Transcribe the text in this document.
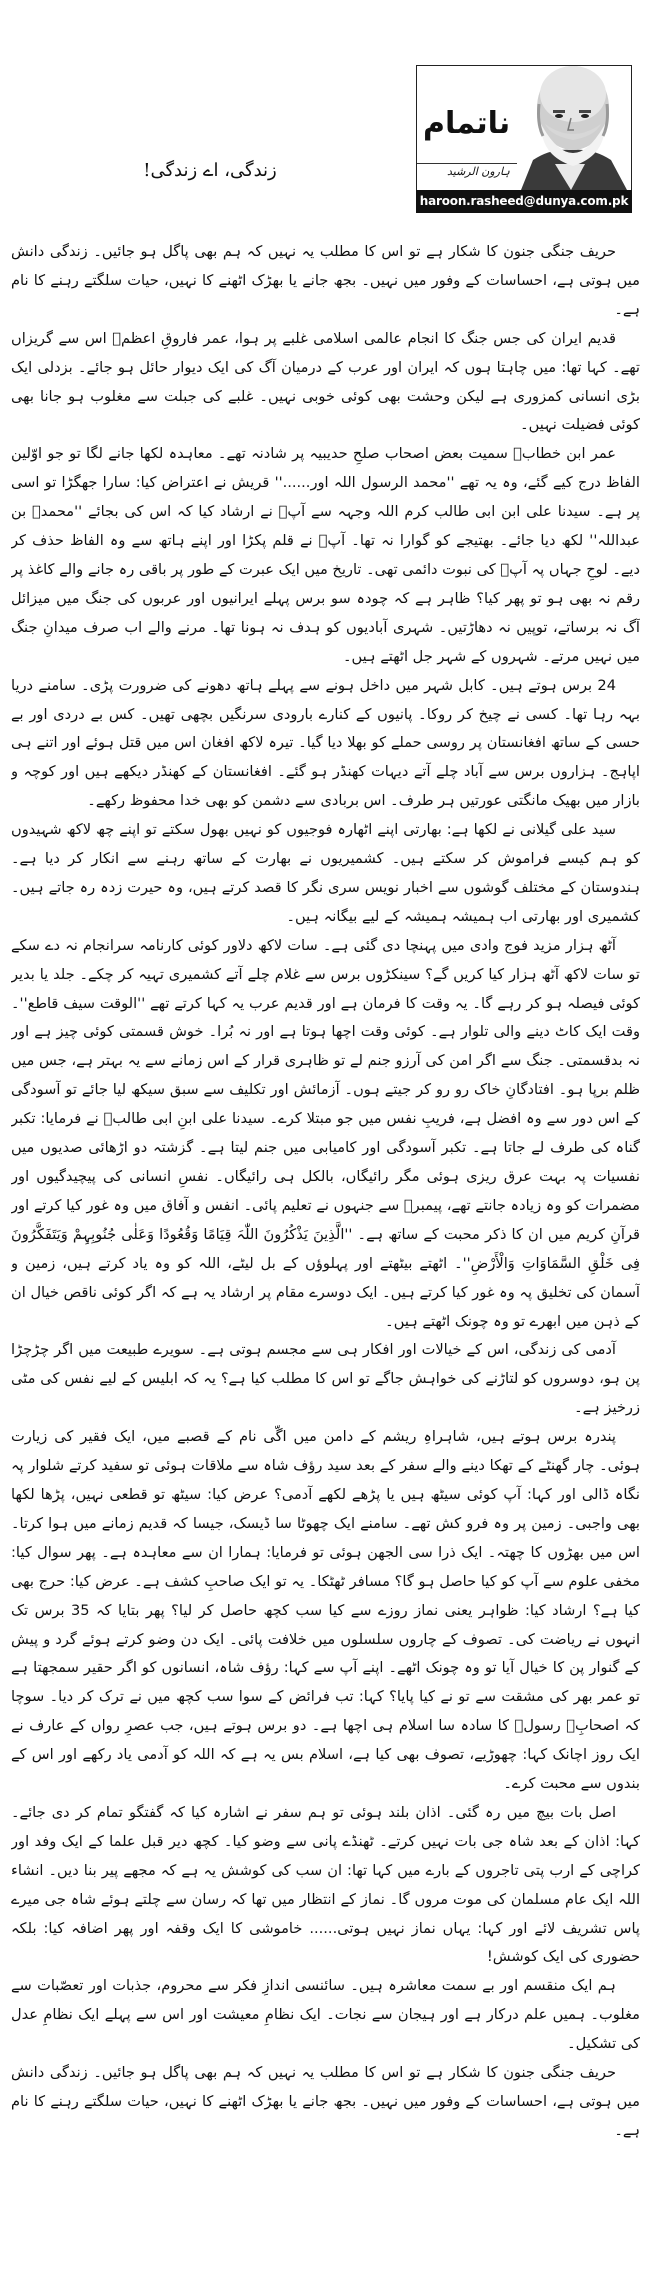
ناتمام
ہارون الرشید
haroon.rasheed@dunya.com.pk
زندگی، اے زندگی!

حریف جنگی جنون کا شکار ہے تو اس کا مطلب یہ نہیں کہ ہم بھی پاگل ہو جائیں۔ زندگی دانش میں ہوتی ہے، احساسات کے وفور میں نہیں۔ بجھ جانے یا بھڑک اٹھنے کا نہیں، حیات سلگتے رہنے کا نام ہے۔

قدیم ایران کی جس جنگ کا انجام عالمی اسلامی غلبے پر ہوا، عمر فاروقِ اعظمؓ اس سے گریزاں تھے۔ کہا تھا: میں چاہتا ہوں کہ ایران اور عرب کے درمیان آگ کی ایک دیوار حائل ہو جائے۔ بزدلی ایک بڑی انسانی کمزوری ہے لیکن وحشت بھی کوئی خوبی نہیں۔ غلبے کی جبلت سے مغلوب ہو جانا بھی کوئی فضیلت نہیں۔

عمر ابن خطابؓ سمیت بعض اصحاب صلحِ حدیبیہ پر شادنہ تھے۔ معاہدہ لکھا جانے لگا تو جو اوّلین الفاظ درج کیے گئے، وہ یہ تھے ''محمد الرسول اللہ اور......'' قریش نے اعتراض کیا: سارا جھگڑا تو اسی پر ہے۔ سیدنا علی ابن ابی طالب کرم اللہ وجہہ سے آپؐ نے ارشاد کیا کہ اس کی بجائے ''محمدؐ بن عبداللہ'' لکھ دیا جائے۔ بھتیجے کو گوارا نہ تھا۔ آپؐ نے قلم پکڑا اور اپنے ہاتھ سے وہ الفاظ حذف کر دیے۔ لوحِ جہاں پہ آپؐ کی نبوت دائمی تھی۔ تاریخ میں ایک عبرت کے طور پر باقی رہ جانے والے کاغذ پر رقم نہ بھی ہو تو پھر کیا؟ ظاہر ہے کہ چودہ سو برس پہلے ایرانیوں اور عربوں کی جنگ میں میزائل آگ نہ برساتے، توپیں نہ دھاڑتیں۔ شہری آبادیوں کو ہدف نہ ہونا تھا۔ مرنے والے اب صرف میدانِ جنگ میں نہیں مرتے۔ شہروں کے شہر جل اٹھتے ہیں۔

24 برس ہوتے ہیں۔ کابل شہر میں داخل ہونے سے پہلے ہاتھ دھونے کی ضرورت پڑی۔ سامنے دریا بہہ رہا تھا۔ کسی نے چیخ کر روکا۔ پانیوں کے کنارے بارودی سرنگیں بچھی تھیں۔ کس بے دردی اور بے حسی کے ساتھ افغانستان پر روسی حملے کو بھلا دیا گیا۔ تیرہ لاکھ افغان اس میں قتل ہوئے اور اتنے ہی اپاہج۔ ہزاروں برس سے آباد چلے آتے دیہات کھنڈر ہو گئے۔ افغانستان کے کھنڈر دیکھے ہیں اور کوچہ و بازار میں بھیک مانگتی عورتیں ہر طرف۔ اس بربادی سے دشمن کو بھی خدا محفوظ رکھے۔

سید علی گیلانی نے لکھا ہے: بھارتی اپنے اٹھارہ فوجیوں کو نہیں بھول سکتے تو اپنے چھ لاکھ شہیدوں کو ہم کیسے فراموش کر سکتے ہیں۔ کشمیریوں نے بھارت کے ساتھ رہنے سے انکار کر دیا ہے۔ ہندوستان کے مختلف گوشوں سے اخبار نویس سری نگر کا قصد کرتے ہیں، وہ حیرت زدہ رہ جاتے ہیں۔ کشمیری اور بھارتی اب ہمیشہ ہمیشہ کے لیے بیگانہ ہیں۔

آٹھ ہزار مزید فوج وادی میں پہنچا دی گئی ہے۔ سات لاکھ دلاور کوئی کارنامہ سرانجام نہ دے سکے تو سات لاکھ آٹھ ہزار کیا کریں گے؟ سینکڑوں برس سے غلام چلے آتے کشمیری تہیہ کر چکے۔ جلد یا بدیر کوئی فیصلہ ہو کر رہے گا۔ یہ وقت کا فرمان ہے اور قدیم عرب یہ کہا کرتے تھے ''الوقت سیف قاطع''۔ وقت ایک کاٹ دینے والی تلوار ہے۔ کوئی وقت اچھا ہوتا ہے اور نہ بُرا۔ خوش قسمتی کوئی چیز ہے اور نہ بدقسمتی۔ جنگ سے اگر امن کی آرزو جنم لے تو ظاہری قرار کے اس زمانے سے یہ بہتر ہے، جس میں ظلم برپا ہو۔ افتادگانِ خاک رو رو کر جیتے ہوں۔ آزمائش اور تکلیف سے سبق سیکھ لیا جائے تو آسودگی کے اس دور سے وہ افضل ہے، فریبِ نفس میں جو مبتلا کرے۔ سیدنا علی ابنِ ابی طالبؓ نے فرمایا: تکبر گناہ کی طرف لے جاتا ہے۔ تکبر آسودگی اور کامیابی میں جنم لیتا ہے۔ گزشتہ دو اڑھائی صدیوں میں نفسیات پہ بہت عرق ریزی ہوئی مگر رائیگاں، بالکل ہی رائیگاں۔ نفسِ انسانی کی پیچیدگیوں اور مضمرات کو وہ زیادہ جانتے تھے، پیمبرؐ سے جنہوں نے تعلیم پائی۔ انفس و آفاق میں وہ غور کیا کرتے اور قرآنِ کریم میں ان کا ذکر محبت کے ساتھ ہے۔ ''الَّذِینَ یَذْکُرُونَ اللّٰہَ قِیَامًا وَقُعُودًا وَعَلٰی جُنُوبِہِمْ وَیَتَفَکَّرُونَ فِی خَلْقِ السَّمَاوَاتِ وَالْأَرْضِ''۔ اٹھتے بیٹھتے اور پہلوؤں کے بل لیٹے، اللہ کو وہ یاد کرتے ہیں، زمین و آسمان کی تخلیق پہ وہ غور کیا کرتے ہیں۔ ایک دوسرے مقام پر ارشاد یہ ہے کہ اگر کوئی ناقص خیال ان کے ذہن میں ابھرے تو وہ چونک اٹھتے ہیں۔

آدمی کی زندگی، اس کے خیالات اور افکار ہی سے مجسم ہوتی ہے۔ سویرے طبیعت میں اگر چڑچڑا پن ہو، دوسروں کو لتاڑنے کی خواہش جاگے تو اس کا مطلب کیا ہے؟ یہ کہ ابلیس کے لیے نفس کی مٹی زرخیز ہے۔

پندرہ برس ہوتے ہیں، شاہراہِ ریشم کے دامن میں اگّی نام کے قصبے میں، ایک فقیر کی زیارت ہوئی۔ چار گھنٹے کے تھکا دینے والے سفر کے بعد سید رؤف شاہ سے ملاقات ہوئی تو سفید کرتے شلوار پہ نگاہ ڈالی اور کہا: آپ کوئی سیٹھ ہیں یا پڑھے لکھے آدمی؟ عرض کیا: سیٹھ تو قطعی نہیں، پڑھا لکھا بھی واجبی۔ زمین پر وہ فرو کش تھے۔ سامنے ایک چھوٹا سا ڈیسک، جیسا کہ قدیم زمانے میں ہوا کرتا۔ اس میں بھڑوں کا چھتہ۔ ایک ذرا سی الجھن ہوئی تو فرمایا: ہمارا ان سے معاہدہ ہے۔ پھر سوال کیا: مخفی علوم سے آپ کو کیا حاصل ہو گا؟ مسافر ٹھٹکا۔ یہ تو ایک صاحبِ کشف ہے۔ عرض کیا: حرج بھی کیا ہے؟ ارشاد کیا: ظواہر یعنی نماز روزے سے کیا سب کچھ حاصل کر لیا؟ پھر بتایا کہ 35 برس تک انہوں نے ریاضت کی۔ تصوف کے چاروں سلسلوں میں خلافت پائی۔ ایک دن وضو کرتے ہوئے گرد و پیش کے گنوار پن کا خیال آیا تو وہ چونک اٹھے۔ اپنے آپ سے کہا: رؤف شاہ، انسانوں کو اگر حقیر سمجھتا ہے تو عمر بھر کی مشقت سے تو نے کیا پایا؟ کہا: تب فرائض کے سوا سب کچھ میں نے ترک کر دیا۔ سوچا کہ اصحابِؓ رسولؐ کا سادہ سا اسلام ہی اچھا ہے۔ دو برس ہوتے ہیں، جب عصرِ رواں کے عارف نے ایک روز اچانک کہا: چھوڑیے، تصوف بھی کیا ہے، اسلام بس یہ ہے کہ اللہ کو آدمی یاد رکھے اور اس کے بندوں سے محبت کرے۔

اصل بات بیچ میں رہ گئی۔ اذان بلند ہوئی تو ہم سفر نے اشارہ کیا کہ گفتگو تمام کر دی جائے۔ کہا: اذان کے بعد شاہ جی بات نہیں کرتے۔ ٹھنڈے پانی سے وضو کیا۔ کچھ دیر قبل علما کے ایک وفد اور کراچی کے ارب پتی تاجروں کے بارے میں کہا تھا: ان سب کی کوشش یہ ہے کہ مجھے پیر بنا دیں۔ انشاء اللہ ایک عام مسلمان کی موت مروں گا۔ نماز کے انتظار میں تھا کہ رسان سے چلتے ہوئے شاہ جی میرے پاس تشریف لائے اور کہا: یہاں نماز نہیں ہوتی...... خاموشی کا ایک وقفہ اور پھر اضافہ کیا: بلکہ حضوری کی ایک کوشش!

ہم ایک منقسم اور بے سمت معاشرہ ہیں۔ سائنسی اندازِ فکر سے محروم، جذبات اور تعصّبات سے مغلوب۔ ہمیں علم درکار ہے اور ہیجان سے نجات۔ ایک نظامِ معیشت اور اس سے پہلے ایک نظامِ عدل کی تشکیل۔

حریف جنگی جنون کا شکار ہے تو اس کا مطلب یہ نہیں کہ ہم بھی پاگل ہو جائیں۔ زندگی دانش میں ہوتی ہے، احساسات کے وفور میں نہیں۔ بجھ جانے یا بھڑک اٹھنے کا نہیں، حیات سلگتے رہنے کا نام ہے۔
